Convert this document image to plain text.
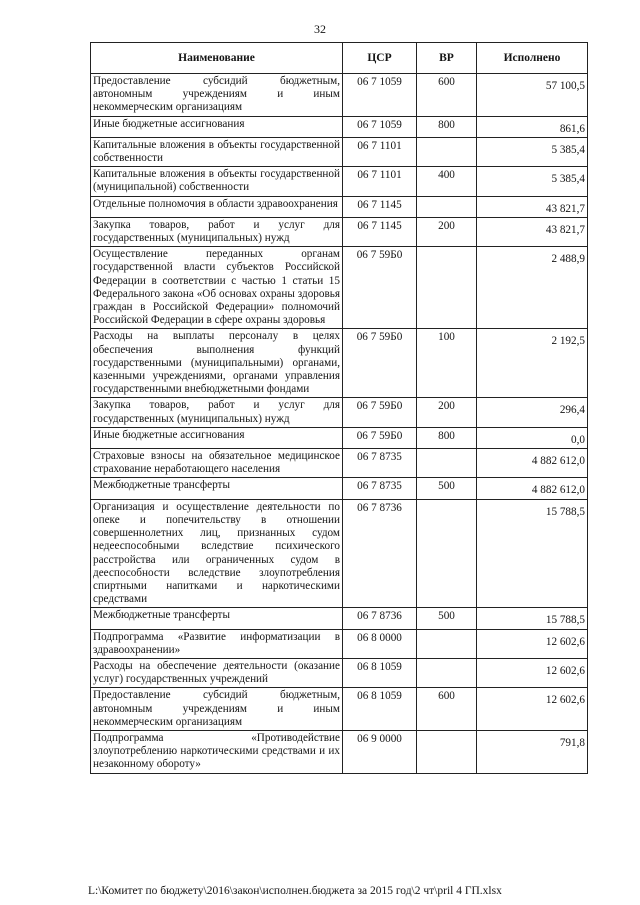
32
Наименование	ЦСР	ВР	Исполнено
Предоставление субсидий бюджетным, автономным учреждениям и иным некоммерческим организациям	06 7 1059	600	57 100,5
Иные бюджетные ассигнования	06 7 1059	800	861,6
Капитальные вложения в объекты государственной собственности	06 7 1101		5 385,4
Капитальные вложения в объекты государственной (муниципальной) собственности	06 7 1101	400	5 385,4
Отдельные полномочия в области здравоохранения	06 7 1145		43 821,7
Закупка товаров, работ и услуг для государственных (муниципальных) нужд	06 7 1145	200	43 821,7
Осуществление переданных органам государственной власти субъектов Российской Федерации в соответствии с частью 1 статьи 15 Федерального закона «Об основах охраны здоровья граждан в Российской Федерации» полномочий Российской Федерации в сфере охраны здоровья	06 7 59Б0		2 488,9
Расходы на выплаты персоналу в целях обеспечения выполнения функций государственными (муниципальными) органами, казенными учреждениями, органами управления государственными внебюджетными фондами	06 7 59Б0	100	2 192,5
Закупка товаров, работ и услуг для государственных (муниципальных) нужд	06 7 59Б0	200	296,4
Иные бюджетные ассигнования	06 7 59Б0	800	0,0
Страховые взносы на обязательное медицинское страхование неработающего населения	06 7 8735		4 882 612,0
Межбюджетные трансферты	06 7 8735	500	4 882 612,0
Организация и осуществление деятельности по опеке и попечительству в отношении совершеннолетних лиц, признанных судом недееспособными вследствие психического расстройства или ограниченных судом в дееспособности вследствие злоупотребления спиртными напитками и наркотическими средствами	06 7 8736		15 788,5
Межбюджетные трансферты	06 7 8736	500	15 788,5
Подпрограмма «Развитие информатизации в здравоохранении»	06 8 0000		12 602,6
Расходы на обеспечение деятельности (оказание услуг) государственных учреждений	06 8 1059		12 602,6
Предоставление субсидий бюджетным, автономным учреждениям и иным некоммерческим организациям	06 8 1059	600	12 602,6
Подпрограмма «Противодействие злоупотреблению наркотическими средствами и их незаконному обороту»	06 9 0000		791,8
L:\Комитет по бюджету\2016\закон\исполнен.бюджета за 2015 год\2 чт\pril 4 ГП.xlsx
